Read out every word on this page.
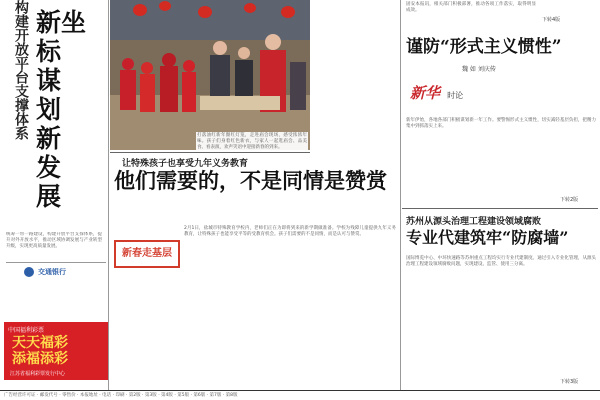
构建开放平台支撑体系 新坐标
谋划新发展
统筹一带一路建设，构建开放平台支撑体系，提升对外开放水平，推动区域协调发展与产业转型升级，实现更高质量发展。
交通银行
中国福利彩票
天天福彩
添福添彩
江苏省福利彩票发行中心
打落油红新年圈红灯笼，走进庙会现场，感受浓浓年味。孩子们身着红色新衣，与家人一起逛庙会、品美食、看表演，欢声笑语中迎接新春的到来。
让特殊孩子也享受九年义务教育
他们需要的，不是同情是赞赏
新春走基层
2月1日，盐城市特殊教育学校内，老师们正在为即将到来的新学期做准备。学校为残障儿童提供九年义务教育，让特殊孩子也能享受平等的受教育机会。孩子们需要的不是同情，而是认可与赞赏。
固安本报讯，相关部门积极部署，推动各项工作落实，取得明显成效。
下转4版
谨防“形式主义惯性”
魏 如 刘庆传
新华 时论
新年伊始，各地各部门积极谋划新一年工作。要警惕形式主义惯性，切实减轻基层负担，把精力集中到抓落实上来。
下转2版
苏州从源头治理工程建设领域腐败
专业代建筑牢“防腐墙”
国际博览中心、中环快速路等苏州重点工程均实行专业代建制度。通过引入专业化管理，从源头治理工程建设领域腐败问题，实现建设、监管、使用三分离。
下转3版
广告经营许可证 · 邮发代号 · 零售价 · 本报地址 · 电话 · 印刷 · 第2版 · 第3版 · 第4版 · 第5版 · 第6版 · 第7版 · 第8版
